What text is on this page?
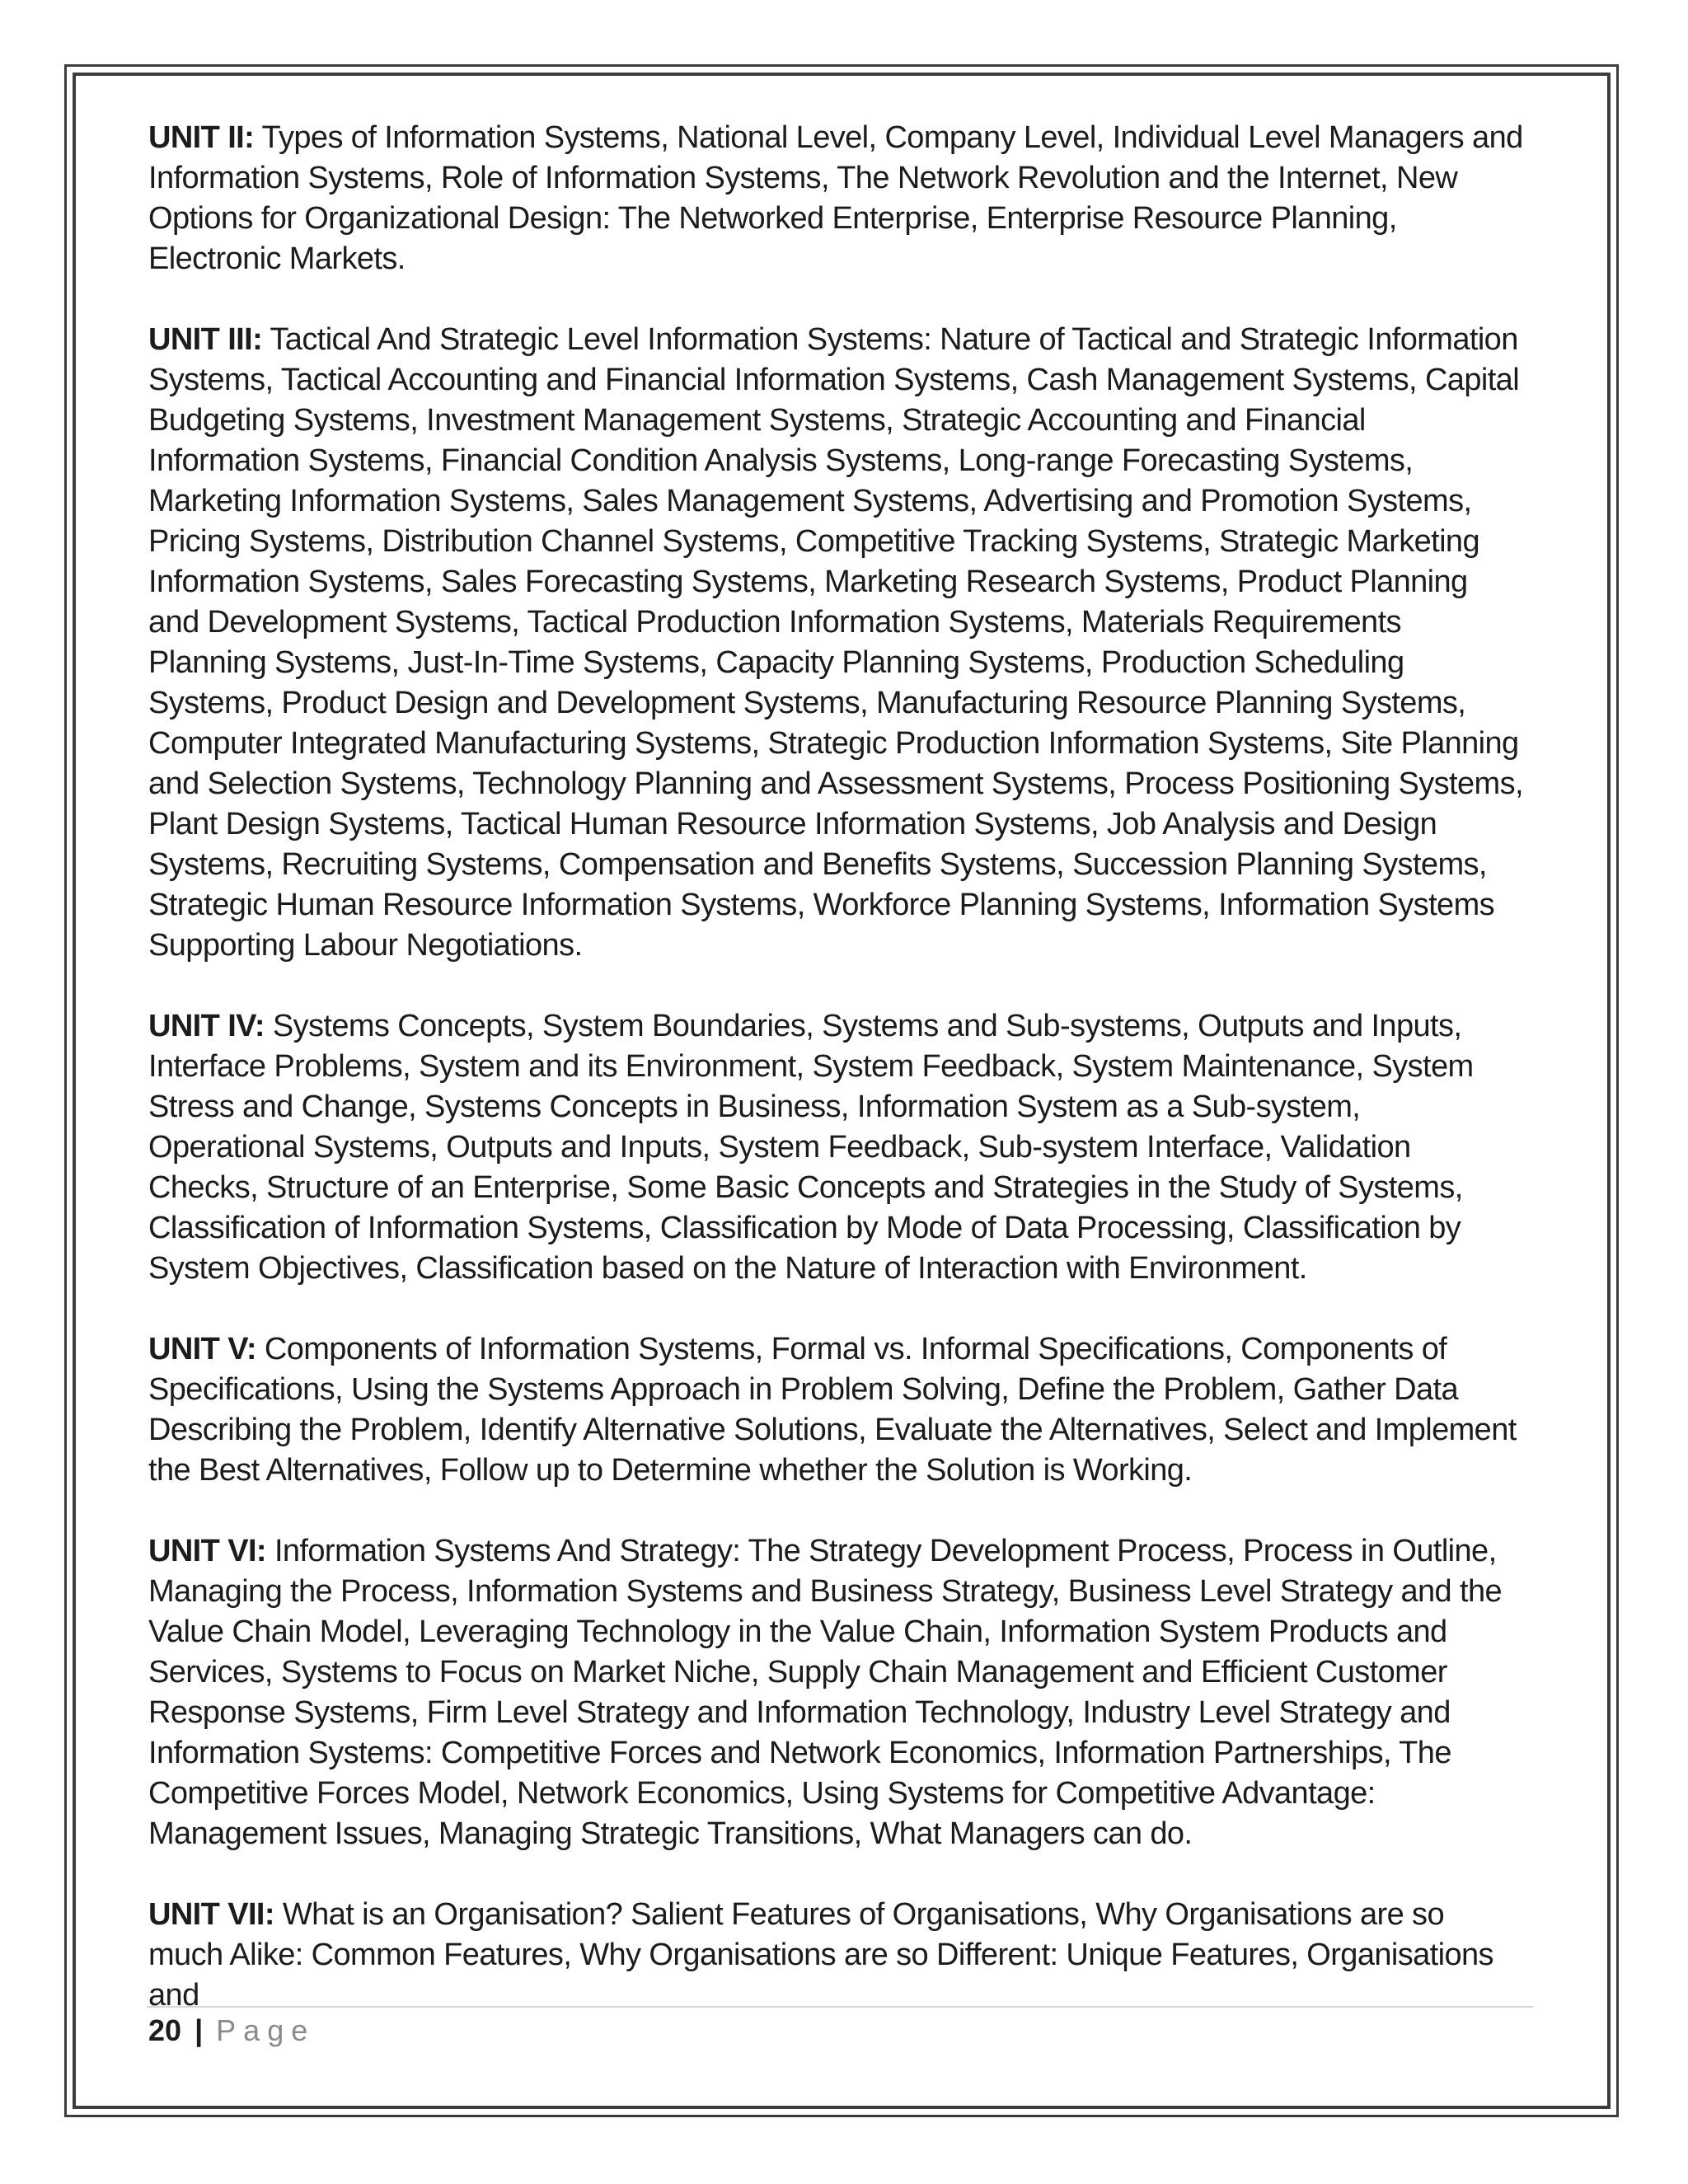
UNIT II: Types of Information Systems, National Level, Company Level, Individual Level Managers and Information Systems, Role of Information Systems, The Network Revolution and the Internet, New Options for Organizational Design: The Networked Enterprise, Enterprise Resource Planning, Electronic Markets.

UNIT III: Tactical And Strategic Level Information Systems: Nature of Tactical and Strategic Information Systems, Tactical Accounting and Financial Information Systems, Cash Management Systems, Capital Budgeting Systems, Investment Management Systems, Strategic Accounting and Financial Information Systems, Financial Condition Analysis Systems, Long-range Forecasting Systems, Marketing Information Systems, Sales Management Systems, Advertising and Promotion Systems, Pricing Systems, Distribution Channel Systems, Competitive Tracking Systems, Strategic Marketing Information Systems, Sales Forecasting Systems, Marketing Research Systems, Product Planning and Development Systems, Tactical Production Information Systems, Materials Requirements Planning Systems, Just-In-Time Systems, Capacity Planning Systems, Production Scheduling Systems, Product Design and Development Systems, Manufacturing Resource Planning Systems, Computer Integrated Manufacturing Systems, Strategic Production Information Systems, Site Planning and Selection Systems, Technology Planning and Assessment Systems, Process Positioning Systems, Plant Design Systems, Tactical Human Resource Information Systems, Job Analysis and Design Systems, Recruiting Systems, Compensation and Benefits Systems, Succession Planning Systems, Strategic Human Resource Information Systems, Workforce Planning Systems, Information Systems Supporting Labour Negotiations.

UNIT IV: Systems Concepts, System Boundaries, Systems and Sub-systems, Outputs and Inputs, Interface Problems, System and its Environment, System Feedback, System Maintenance, System Stress and Change, Systems Concepts in Business, Information System as a Sub-system, Operational Systems, Outputs and Inputs, System Feedback, Sub-system Interface, Validation Checks, Structure of an Enterprise, Some Basic Concepts and Strategies in the Study of Systems, Classification of Information Systems, Classification by Mode of Data Processing, Classification by System Objectives, Classification based on the Nature of Interaction with Environment.

UNIT V: Components of Information Systems, Formal vs. Informal Specifications, Components of Specifications, Using the Systems Approach in Problem Solving, Define the Problem, Gather Data Describing the Problem, Identify Alternative Solutions, Evaluate the Alternatives, Select and Implement the Best Alternatives, Follow up to Determine whether the Solution is Working.

UNIT VI: Information Systems And Strategy: The Strategy Development Process, Process in Outline, Managing the Process, Information Systems and Business Strategy, Business Level Strategy and the Value Chain Model, Leveraging Technology in the Value Chain, Information System Products and Services, Systems to Focus on Market Niche, Supply Chain Management and Efficient Customer Response Systems, Firm Level Strategy and Information Technology, Industry Level Strategy and Information Systems: Competitive Forces and Network Economics, Information Partnerships, The Competitive Forces Model, Network Economics, Using Systems for Competitive Advantage: Management Issues, Managing Strategic Transitions, What Managers can do.

UNIT VII: What is an Organisation? Salient Features of Organisations, Why Organisations are so much Alike: Common Features, Why Organisations are so Different: Unique Features, Organisations and

20 | Page
